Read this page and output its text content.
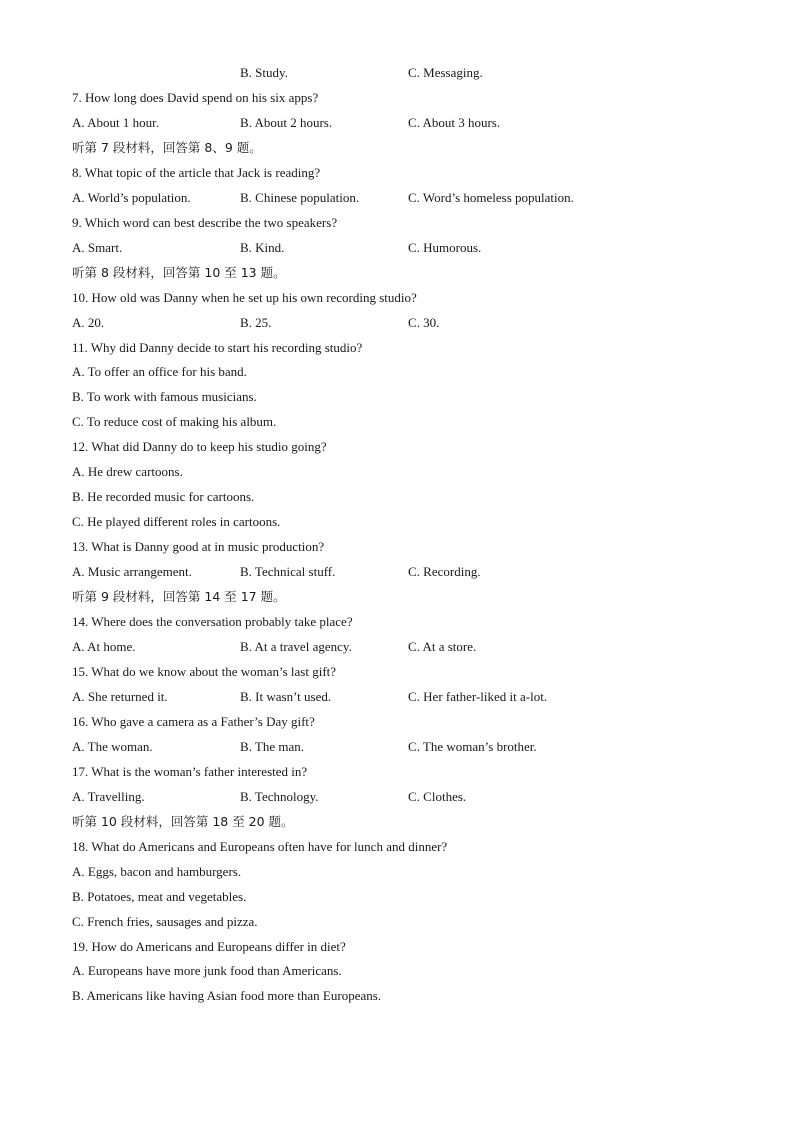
B. Study.	C. Messaging.
7. How long does David spend on his six apps?
A. About 1 hour.	B. About 2 hours.	C. About 3 hours.
听第 7 段材料，回答第 8、9 题。
8. What topic of the article that Jack is reading?
A. World’s population.	B. Chinese population.	C. Word’s homeless population.
9. Which word can best describe the two speakers?
A. Smart.	B. Kind.	C. Humorous.
听第 8 段材料，回答第 10 至 13 题。
10. How old was Danny when he set up his own recording studio?
A. 20.	B. 25.	C. 30.
11. Why did Danny decide to start his recording studio?
A. To offer an office for his band.
B. To work with famous musicians.
C. To reduce cost of making his album.
12. What did Danny do to keep his studio going?
A. He drew cartoons.
B. He recorded music for cartoons.
C. He played different roles in cartoons.
13. What is Danny good at in music production?
A. Music arrangement.	B. Technical stuff.	C. Recording.
听第 9 段材料，回答第 14 至 17 题。
14. Where does the conversation probably take place?
A. At home.	B. At a travel agency.	C. At a store.
15. What do we know about the woman’s last gift?
A. She returned it.	B. It wasn’t used.	C. Her father-liked it a-lot.
16. Who gave a camera as a Father’s Day gift?
A. The woman.	B. The man.	C. The woman’s brother.
17. What is the woman’s father interested in?
A. Travelling.	B. Technology.	C. Clothes.
听第 10 段材料，回答第 18 至 20 题。
18. What do Americans and Europeans often have for lunch and dinner?
A. Eggs, bacon and hamburgers.
B. Potatoes, meat and vegetables.
C. French fries, sausages and pizza.
19. How do Americans and Europeans differ in diet?
A. Europeans have more junk food than Americans.
B. Americans like having Asian food more than Europeans.
